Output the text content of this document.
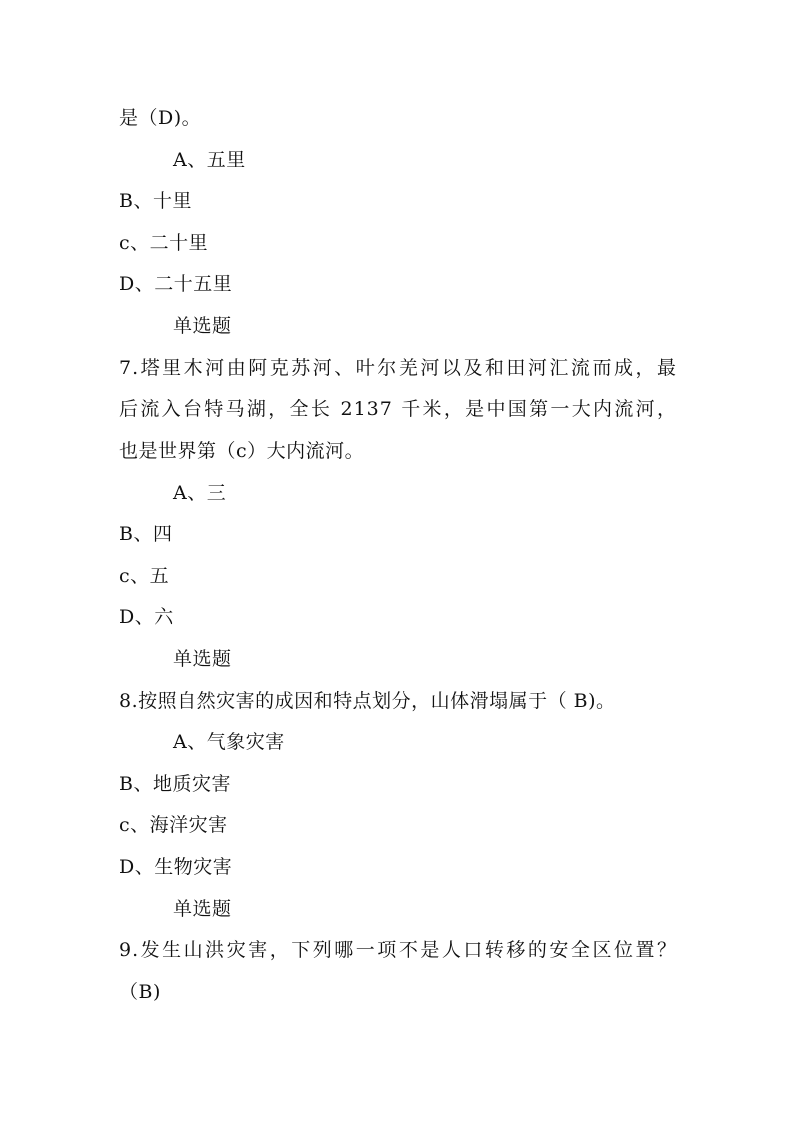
是（D)。
A、五里
B、十里
c、二十里
D、二十五里
单选题
7.塔里木河由阿克苏河、叶尔羌河以及和田河汇流而成，最
后流入台特马湖，全长 2137 千米，是中国第一大内流河，
也是世界第（c）大内流河。
A、三
B、四
c、五
D、六
单选题
8.按照自然灾害的成因和特点划分，山体滑塌属于（ B)。
A、气象灾害
B、地质灾害
c、海洋灾害
D、生物灾害
单选题
9.发生山洪灾害，下列哪一项不是人口转移的安全区位置？
（B)
